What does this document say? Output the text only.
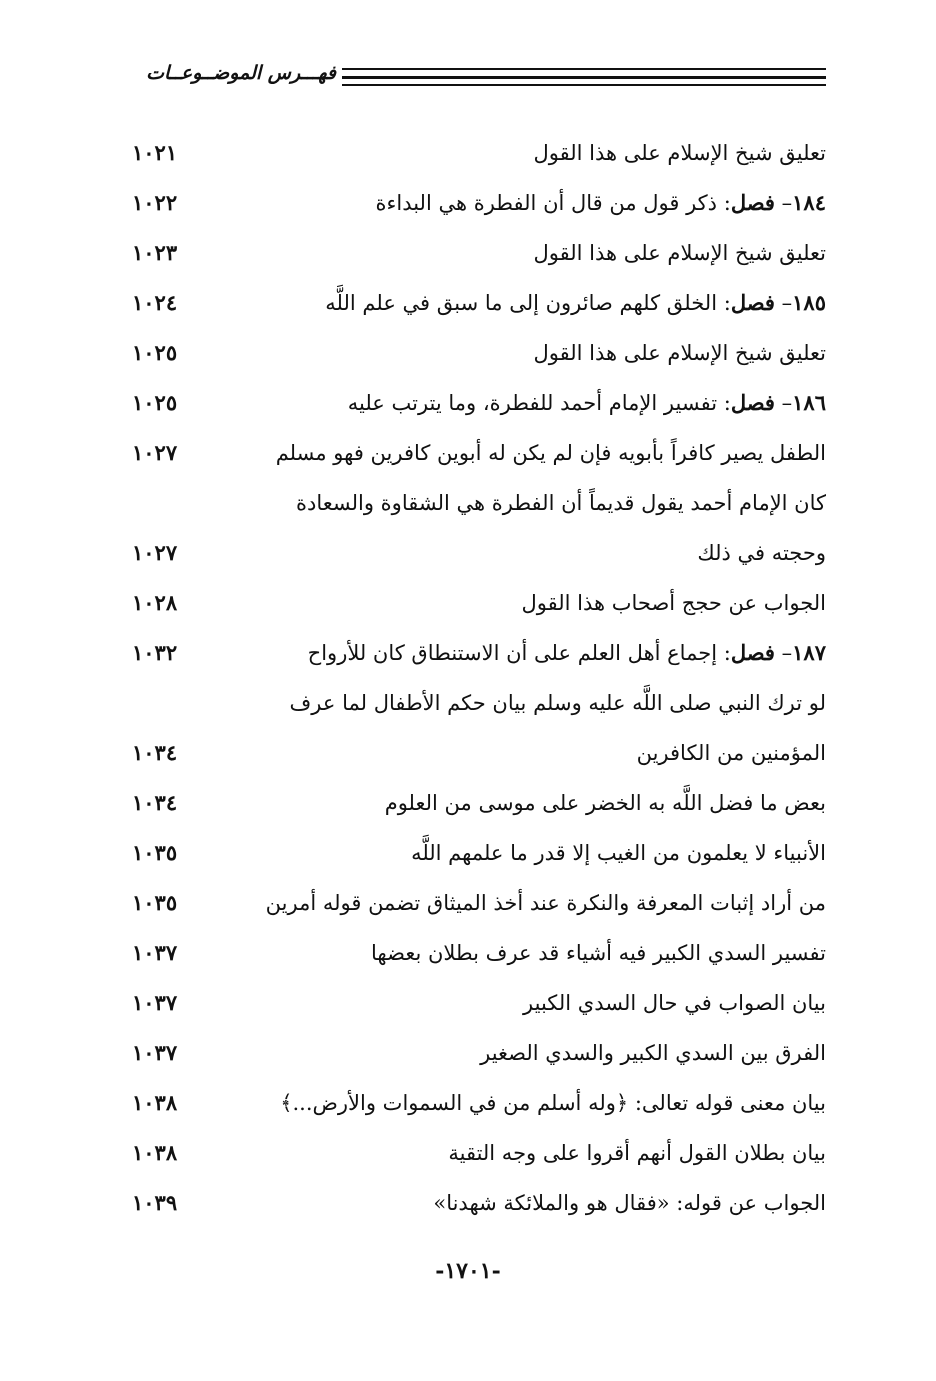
فهـــرس الموضــوعــات
تعليق شيخ الإسلام على هذا القول
١٠٢١
١٨٤– فصل: ذكر قول من قال أن الفطرة هي البداءة
١٠٢٢
تعليق شيخ الإسلام على هذا القول
١٠٢٣
١٨٥– فصل: الخلق كلهم صائرون إلى ما سبق في علم اللَّه
١٠٢٤
تعليق شيخ الإسلام على هذا القول
١٠٢٥
١٨٦– فصل: تفسير الإمام أحمد للفطرة، وما يترتب عليه
١٠٢٥
الطفل يصير كافراً بأبويه فإن لم يكن له أبوين كافرين فهو مسلم
١٠٢٧
كان الإمام أحمد يقول قديماً أن الفطرة هي الشقاوة والسعادة
وحجته في ذلك
١٠٢٧
الجواب عن حجج أصحاب هذا القول
١٠٢٨
١٨٧– فصل: إجماع أهل العلم على أن الاستنطاق كان للأرواح
١٠٣٢
لو ترك النبي صلى اللَّه عليه وسلم بيان حكم الأطفال لما عرف
المؤمنين من الكافرين
١٠٣٤
بعض ما فضل اللَّه به الخضر على موسى من العلوم
١٠٣٤
الأنبياء لا يعلمون من الغيب إلا قدر ما علمهم اللَّه
١٠٣٥
من أراد إثبات المعرفة والنكرة عند أخذ الميثاق تضمن قوله أمرين
١٠٣٥
تفسير السدي الكبير فيه أشياء قد عرف بطلان بعضها
١٠٣٧
بيان الصواب في حال السدي الكبير
١٠٣٧
الفرق بين السدي الكبير والسدي الصغير
١٠٣٧
بيان معنى قوله تعالى: ﴿وله أسلم من في السموات والأرض...﴾
١٠٣٨
بيان بطلان القول أنهم أقروا على وجه التقية
١٠٣٨
الجواب عن قوله: «فقال هو والملائكة شهدنا»
١٠٣٩
-١٧٠١-
